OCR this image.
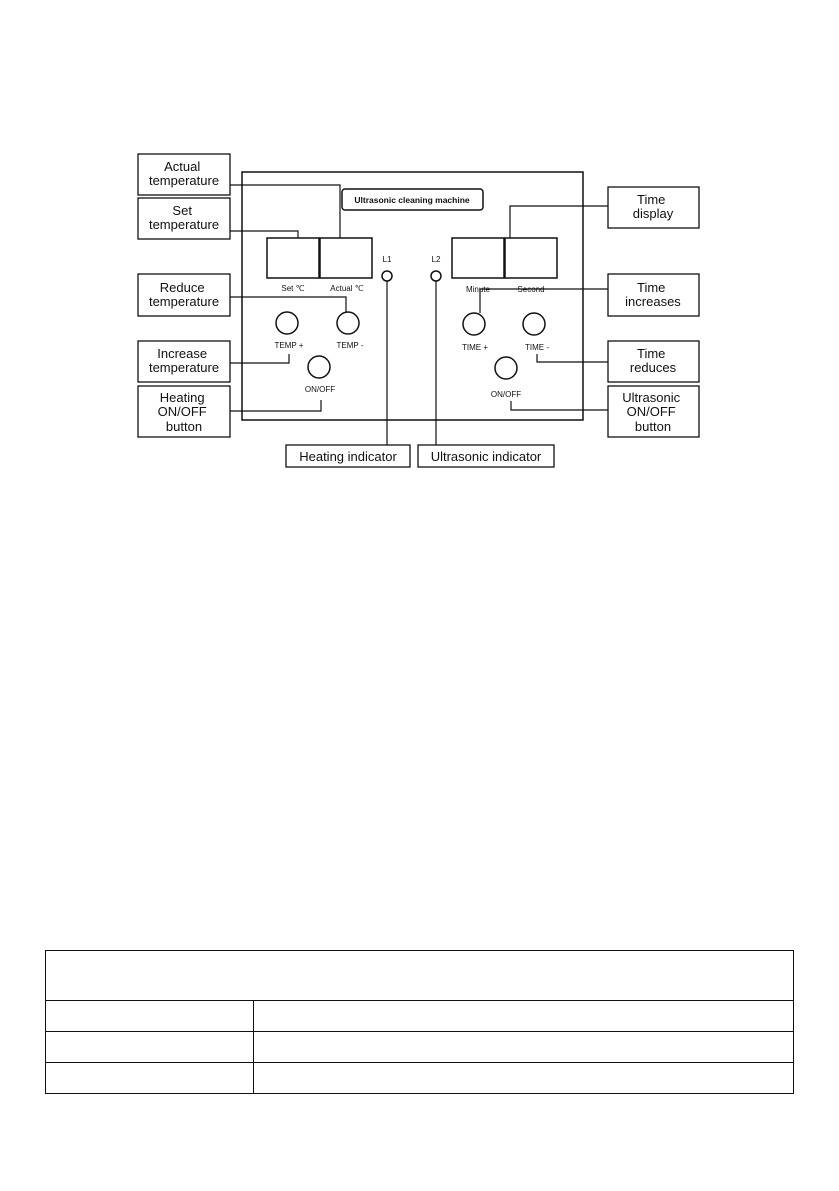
Ultrasonic cleaning machine
L1	L2
Set ℃	Actual ℃	Minute	Second
TEMP +	TEMP -
ON/OFF
TIME +	TIME -
ON/OFF
Actual temperature
Set temperature
Reduce temperature
Increase temperature
Heating ON/OFF button
Heating indicator	Ultrasonic indicator
Time display
Time increases
Time reduces
Ultrasonic ON/OFF button
